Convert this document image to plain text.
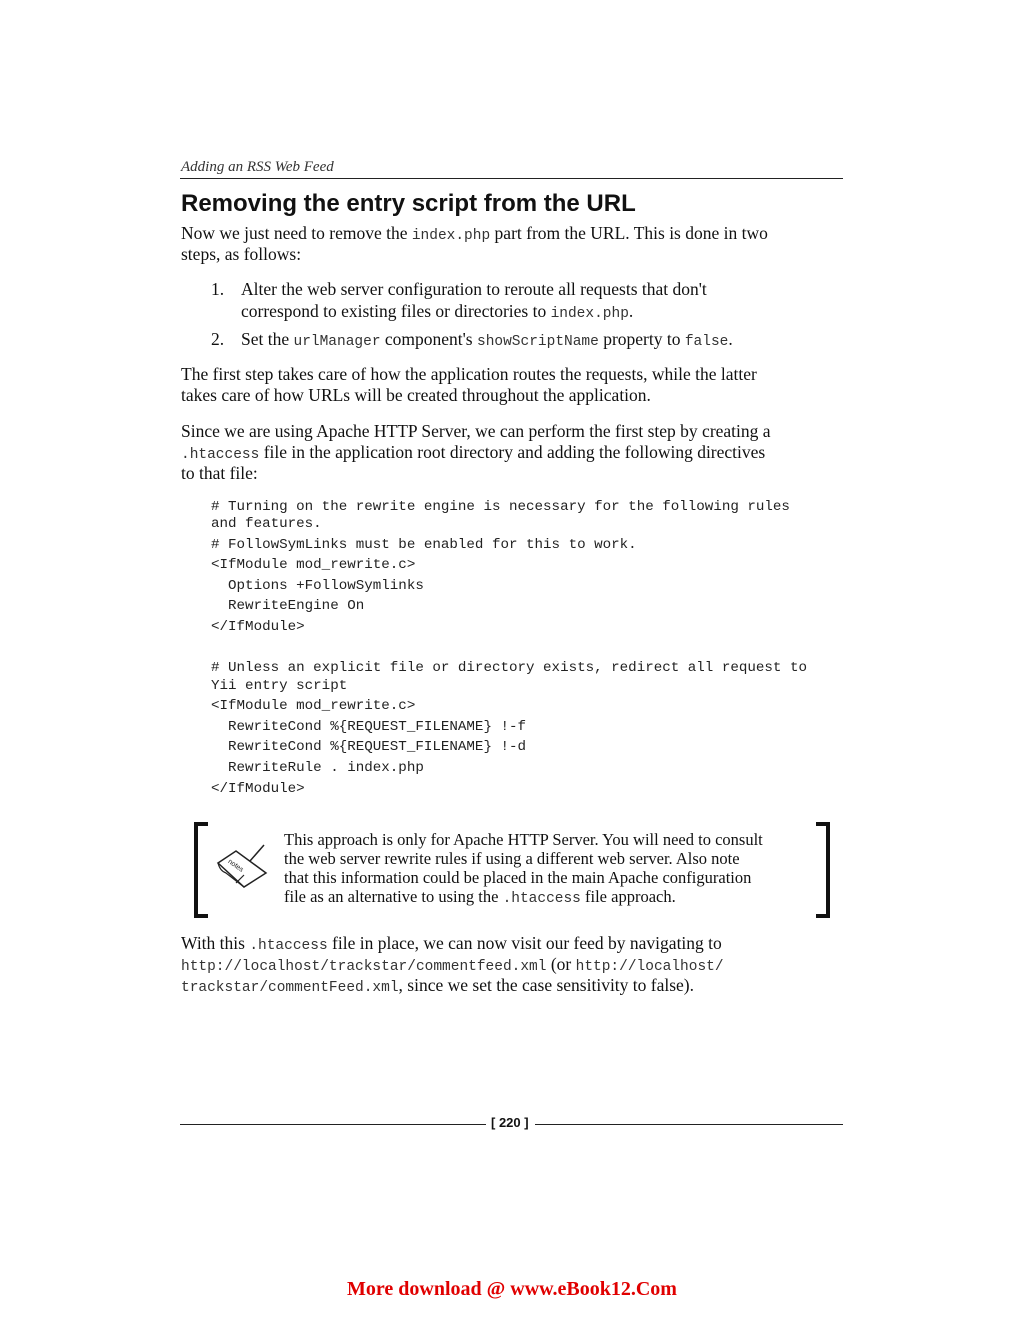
Adding an RSS Web Feed
Removing the entry script from the URL
Now we just need to remove the index.php part from the URL. This is done in two
steps, as follows:
1. Alter the web server configuration to reroute all requests that don't
correspond to existing files or directories to index.php.
2. Set the urlManager component's showScriptName property to false.
The first step takes care of how the application routes the requests, while the latter
takes care of how URLs will be created throughout the application.
Since we are using Apache HTTP Server, we can perform the first step by creating a
.htaccess file in the application root directory and adding the following directives
to that file:
# Turning on the rewrite engine is necessary for the following rules
and features.
# FollowSymLinks must be enabled for this to work.
<IfModule mod_rewrite.c>
Options +FollowSymlinks
RewriteEngine On
</IfModule>
# Unless an explicit file or directory exists, redirect all request to
Yii entry script
<IfModule mod_rewrite.c>
RewriteCond %{REQUEST_FILENAME} !-f
RewriteCond %{REQUEST_FILENAME} !-d
RewriteRule . index.php
</IfModule>
notes
This approach is only for Apache HTTP Server. You will need to consult
the web server rewrite rules if using a different web server. Also note
that this information could be placed in the main Apache configuration
file as an alternative to using the .htaccess file approach.
With this .htaccess file in place, we can now visit our feed by navigating to
http://localhost/trackstar/commentfeed.xml (or http://localhost/
trackstar/commentFeed.xml, since we set the case sensitivity to false).
[ 220 ]
More download @ www.eBook12.Com
